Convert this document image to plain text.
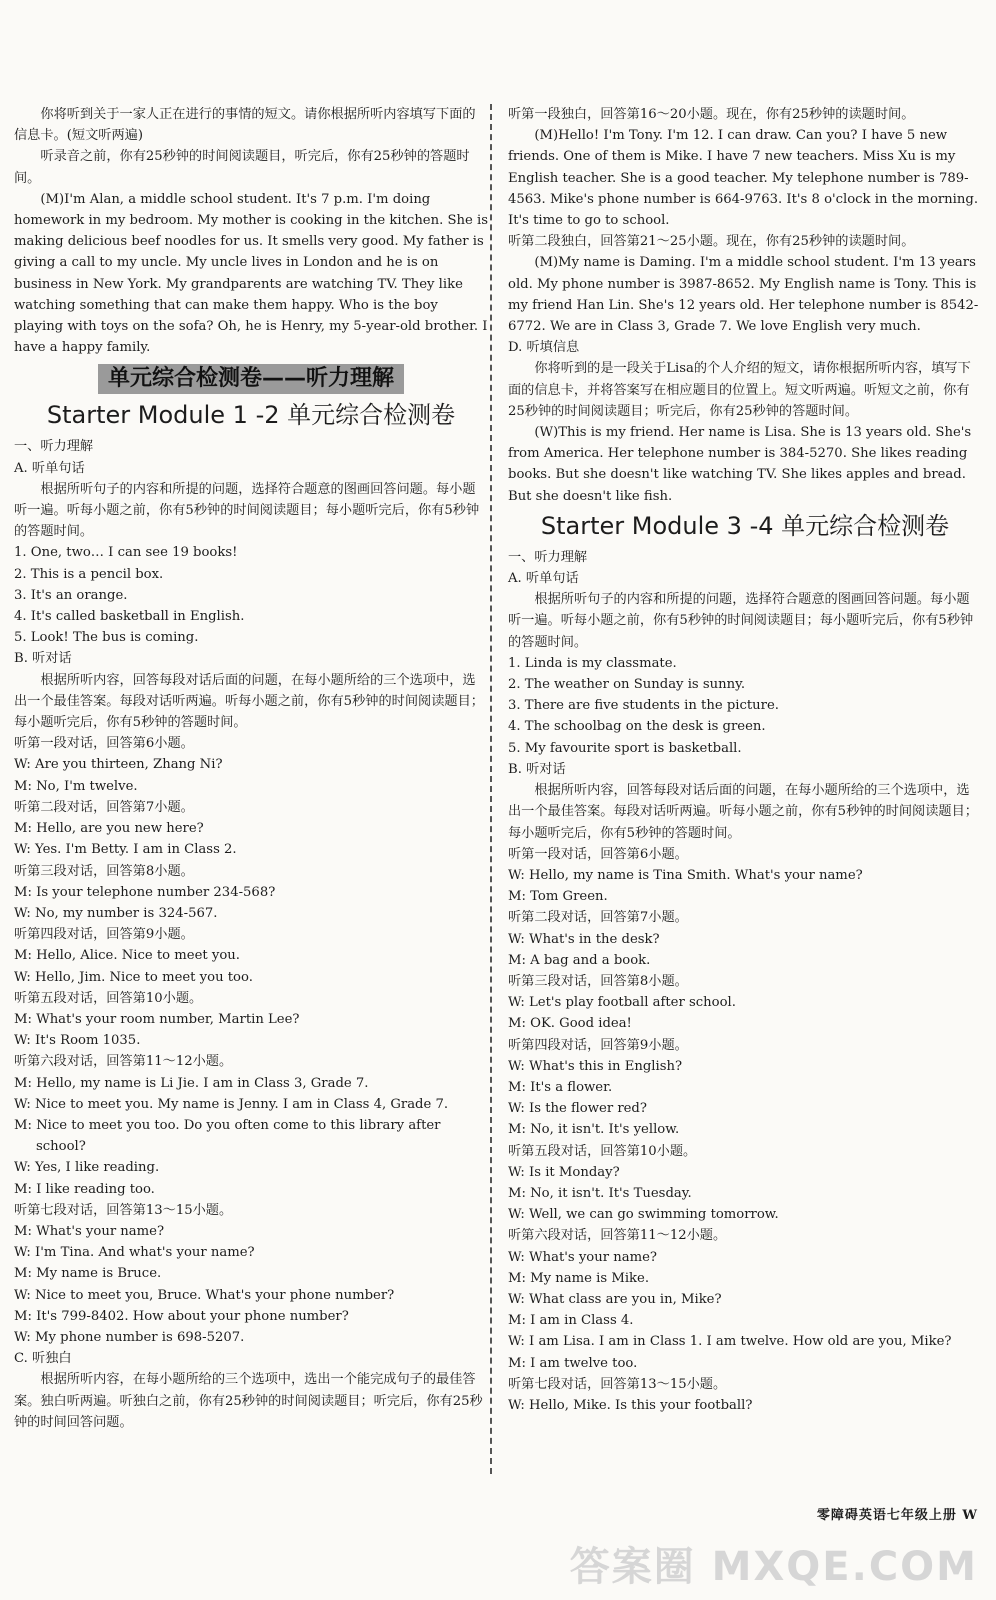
你将听到关于一家人正在进行的事情的短文。请你根据所听内容填写下面的信息卡。(短文听两遍)

听录音之前，你有25秒钟的时间阅读题目，听完后，你有25秒钟的答题时间。

(M)I'm Alan, a middle school student. It's 7 p.m. I'm doing homework in my bedroom. My mother is cooking in the kitchen. She is making delicious beef noodles for us. It smells very good. My father is giving a call to my uncle. My uncle lives in London and he is on business in New York. My grandparents are watching TV. They like watching something that can make them happy. Who is the boy playing with toys on the sofa? Oh, he is Henry, my 5-year-old brother. I have a happy family.

单元综合检测卷——听力理解
Starter Module 1 -2 单元综合检测卷

一、听力理解

A. 听单句话

根据所听句子的内容和所提的问题，选择符合题意的图画回答问题。每小题听一遍。听每小题之前，你有5秒钟的时间阅读题目；每小题听完后，你有5秒钟的答题时间。

1. One, two… I can see 19 books!

2. This is a pencil box.

3. It's an orange.

4. It's called basketball in English.

5. Look! The bus is coming.

B. 听对话

根据所听内容，回答每段对话后面的问题，在每小题所给的三个选项中，选出一个最佳答案。每段对话听两遍。听每小题之前，你有5秒钟的时间阅读题目；每小题听完后，你有5秒钟的答题时间。

听第一段对话，回答第6小题。

W: Are you thirteen, Zhang Ni?

M: No, I'm twelve.

听第二段对话，回答第7小题。

M: Hello, are you new here?

W: Yes. I'm Betty. I am in Class 2.

听第三段对话，回答第8小题。

M: Is your telephone number 234-568?

W: No, my number is 324-567.

听第四段对话，回答第9小题。

M: Hello, Alice. Nice to meet you.

W: Hello, Jim. Nice to meet you too.

听第五段对话，回答第10小题。

M: What's your room number, Martin Lee?

W: It's Room 1035.

听第六段对话，回答第11～12小题。

M: Hello, my name is Li Jie. I am in Class 3, Grade 7.

W: Nice to meet you. My name is Jenny. I am in Class 4, Grade 7.

M: Nice to meet you too. Do you often come to this library after school?

W: Yes, I like reading.

M: I like reading too.

听第七段对话，回答第13～15小题。

M: What's your name?

W: I'm Tina. And what's your name?

M: My name is Bruce.

W: Nice to meet you, Bruce. What's your phone number?

M: It's 799-8402. How about your phone number?

W: My phone number is 698-5207.

C. 听独白

根据所听内容，在每小题所给的三个选项中，选出一个能完成句子的最佳答案。独白听两遍。听独白之前，你有25秒钟的时间阅读题目；听完后，你有25秒钟的时间回答问题。

听第一段独白，回答第16～20小题。现在，你有25秒钟的读题时间。

(M)Hello! I'm Tony. I'm 12. I can draw. Can you? I have 5 new friends. One of them is Mike. I have 7 new teachers. Miss Xu is my English teacher. She is a good teacher. My telephone number is 789-4563. Mike's phone number is 664-9763. It's 8 o'clock in the morning. It's time to go to school.

听第二段独白，回答第21～25小题。现在，你有25秒钟的读题时间。

(M)My name is Daming. I'm a middle school student. I'm 13 years old. My phone number is 3987-8652. My English name is Tony. This is my friend Han Lin. She's 12 years old. Her telephone number is 8542-6772. We are in Class 3, Grade 7. We love English very much.

D. 听填信息

你将听到的是一段关于Lisa的个人介绍的短文，请你根据所听内容，填写下面的信息卡，并将答案写在相应题目的位置上。短文听两遍。听短文之前，你有25秒钟的时间阅读题目；听完后，你有25秒钟的答题时间。

(W)This is my friend. Her name is Lisa. She is 13 years old. She's from America. Her telephone number is 384-5270. She likes reading books. But she doesn't like watching TV. She likes apples and bread. But she doesn't like fish.

Starter Module 3 -4 单元综合检测卷

一、听力理解

A. 听单句话

根据所听句子的内容和所提的问题，选择符合题意的图画回答问题。每小题听一遍。听每小题之前，你有5秒钟的时间阅读题目；每小题听完后，你有5秒钟的答题时间。

1. Linda is my classmate.

2. The weather on Sunday is sunny.

3. There are five students in the picture.

4. The schoolbag on the desk is green.

5. My favourite sport is basketball.

B. 听对话

根据所听内容，回答每段对话后面的问题，在每小题所给的三个选项中，选出一个最佳答案。每段对话听两遍。听每小题之前，你有5秒钟的时间阅读题目；每小题听完后，你有5秒钟的答题时间。

听第一段对话，回答第6小题。

W: Hello, my name is Tina Smith. What's your name?

M: Tom Green.

听第二段对话，回答第7小题。

W: What's in the desk?

M: A bag and a book.

听第三段对话，回答第8小题。

W: Let's play football after school.

M: OK. Good idea!

听第四段对话，回答第9小题。

W: What's this in English?

M: It's a flower.

W: Is the flower red?

M: No, it isn't. It's yellow.

听第五段对话，回答第10小题。

W: Is it Monday?

M: No, it isn't. It's Tuesday.

W: Well, we can go swimming tomorrow.

听第六段对话，回答第11～12小题。

W: What's your name?

M: My name is Mike.

W: What class are you in, Mike?

M: I am in Class 4.

W: I am Lisa. I am in Class 1. I am twelve. How old are you, Mike?

M: I am twelve too.

听第七段对话，回答第13～15小题。

W: Hello, Mike. Is this your football?

零障碍英语七年级上册 W
答案圈 MXQE.COM
